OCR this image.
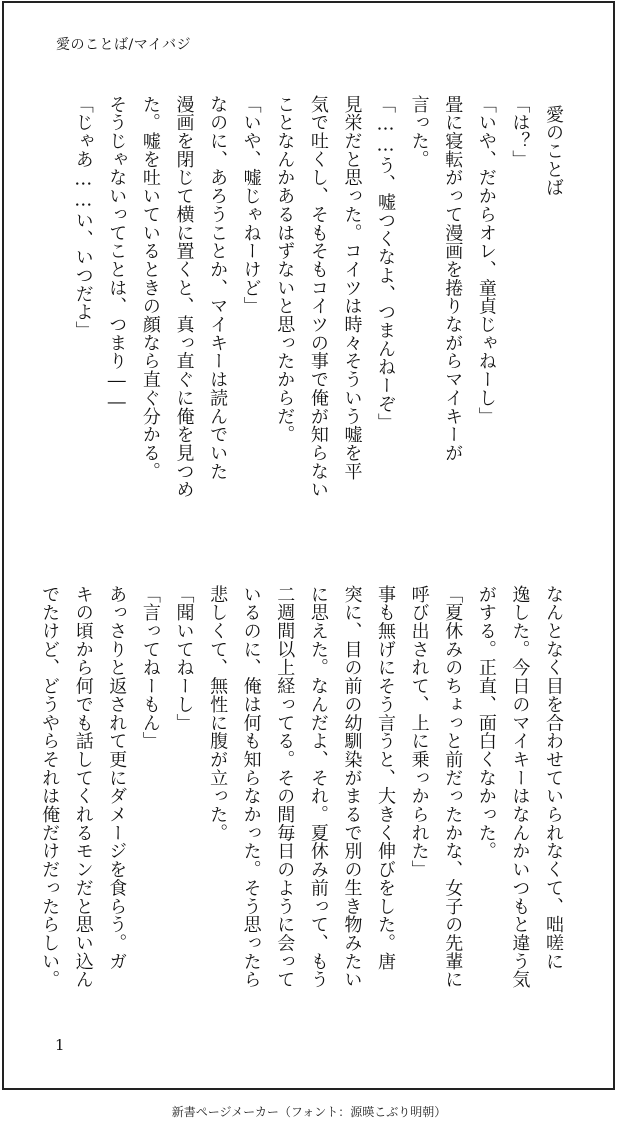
愛のことば/マイバジ
愛のことば
「は？」
「いや、だからオレ、童貞じゃねーし」
畳に寝転がって漫画を捲りながらマイキーが
言った。
「……う、嘘つくなよ、つまんねーぞ」
見栄だと思った。コイツは時々そういう嘘を平
気で吐くし、そもそもコイツの事で俺が知らない
ことなんかあるはずないと思ったからだ。
「いや、嘘じゃねーけど」
なのに、あろうことか、マイキーは読んでいた
漫画を閉じて横に置くと、真っ直ぐに俺を見つめ
た。嘘を吐いているときの顔なら直ぐ分かる。
そうじゃないってことは、つまり――
「じゃあ……い、いつだよ」
なんとなく目を合わせていられなくて、咄嗟に
逸した。今日のマイキーはなんかいつもと違う気
がする。正直、面白くなかった。
「夏休みのちょっと前だったかな、女子の先輩に
呼び出されて、上に乗っかられた」
事も無げにそう言うと、大きく伸びをした。唐
突に、目の前の幼馴染がまるで別の生き物みたい
に思えた。なんだよ、それ。夏休み前って、もう
二週間以上経ってる。その間毎日のように会って
いるのに、俺は何も知らなかった。そう思ったら
悲しくて、無性に腹が立った。
「聞いてねーし」
「言ってねーもん」
あっさりと返されて更にダメージを食らう。ガ
キの頃から何でも話してくれるモンだと思い込ん
でたけど、どうやらそれは俺だけだったらしい。
1
新書ページメーカー（フォント：源暎こぶり明朝）
